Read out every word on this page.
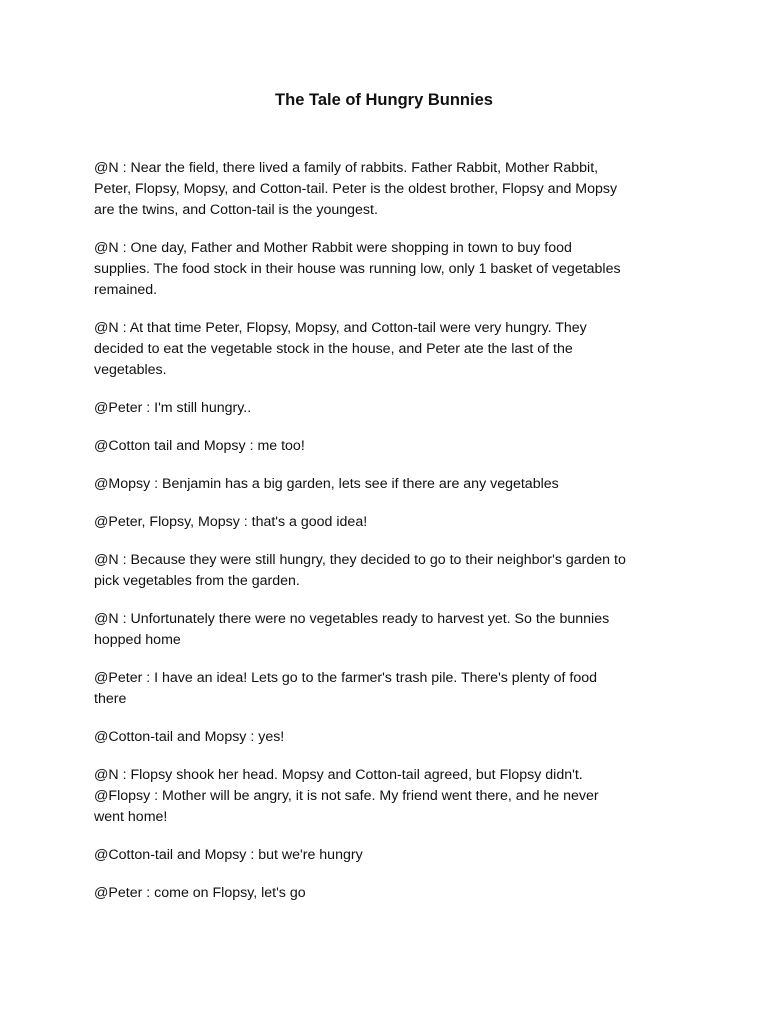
The Tale of Hungry Bunnies

@N : Near the field, there lived a family of rabbits. Father Rabbit, Mother Rabbit,
Peter, Flopsy, Mopsy, and Cotton-tail. Peter is the oldest brother, Flopsy and Mopsy
are the twins, and Cotton-tail is the youngest.

@N : One day, Father and Mother Rabbit were shopping in town to buy food
supplies. The food stock in their house was running low, only 1 basket of vegetables
remained.

@N : At that time Peter, Flopsy, Mopsy, and Cotton-tail were very hungry. They
decided to eat the vegetable stock in the house, and Peter ate the last of the
vegetables.

@Peter : I'm still hungry..

@Cotton tail and Mopsy : me too!

@Mopsy : Benjamin has a big garden, lets see if there are any vegetables

@Peter, Flopsy, Mopsy : that's a good idea!

@N : Because they were still hungry, they decided to go to their neighbor's garden to
pick vegetables from the garden.

@N : Unfortunately there were no vegetables ready to harvest yet. So the bunnies
hopped home

@Peter : I have an idea! Lets go to the farmer's trash pile. There's plenty of food
there

@Cotton-tail and Mopsy : yes!

@N : Flopsy shook her head. Mopsy and Cotton-tail agreed, but Flopsy didn't.
@Flopsy : Mother will be angry, it is not safe. My friend went there, and he never
went home!

@Cotton-tail and Mopsy : but we're hungry

@Peter : come on Flopsy, let's go
